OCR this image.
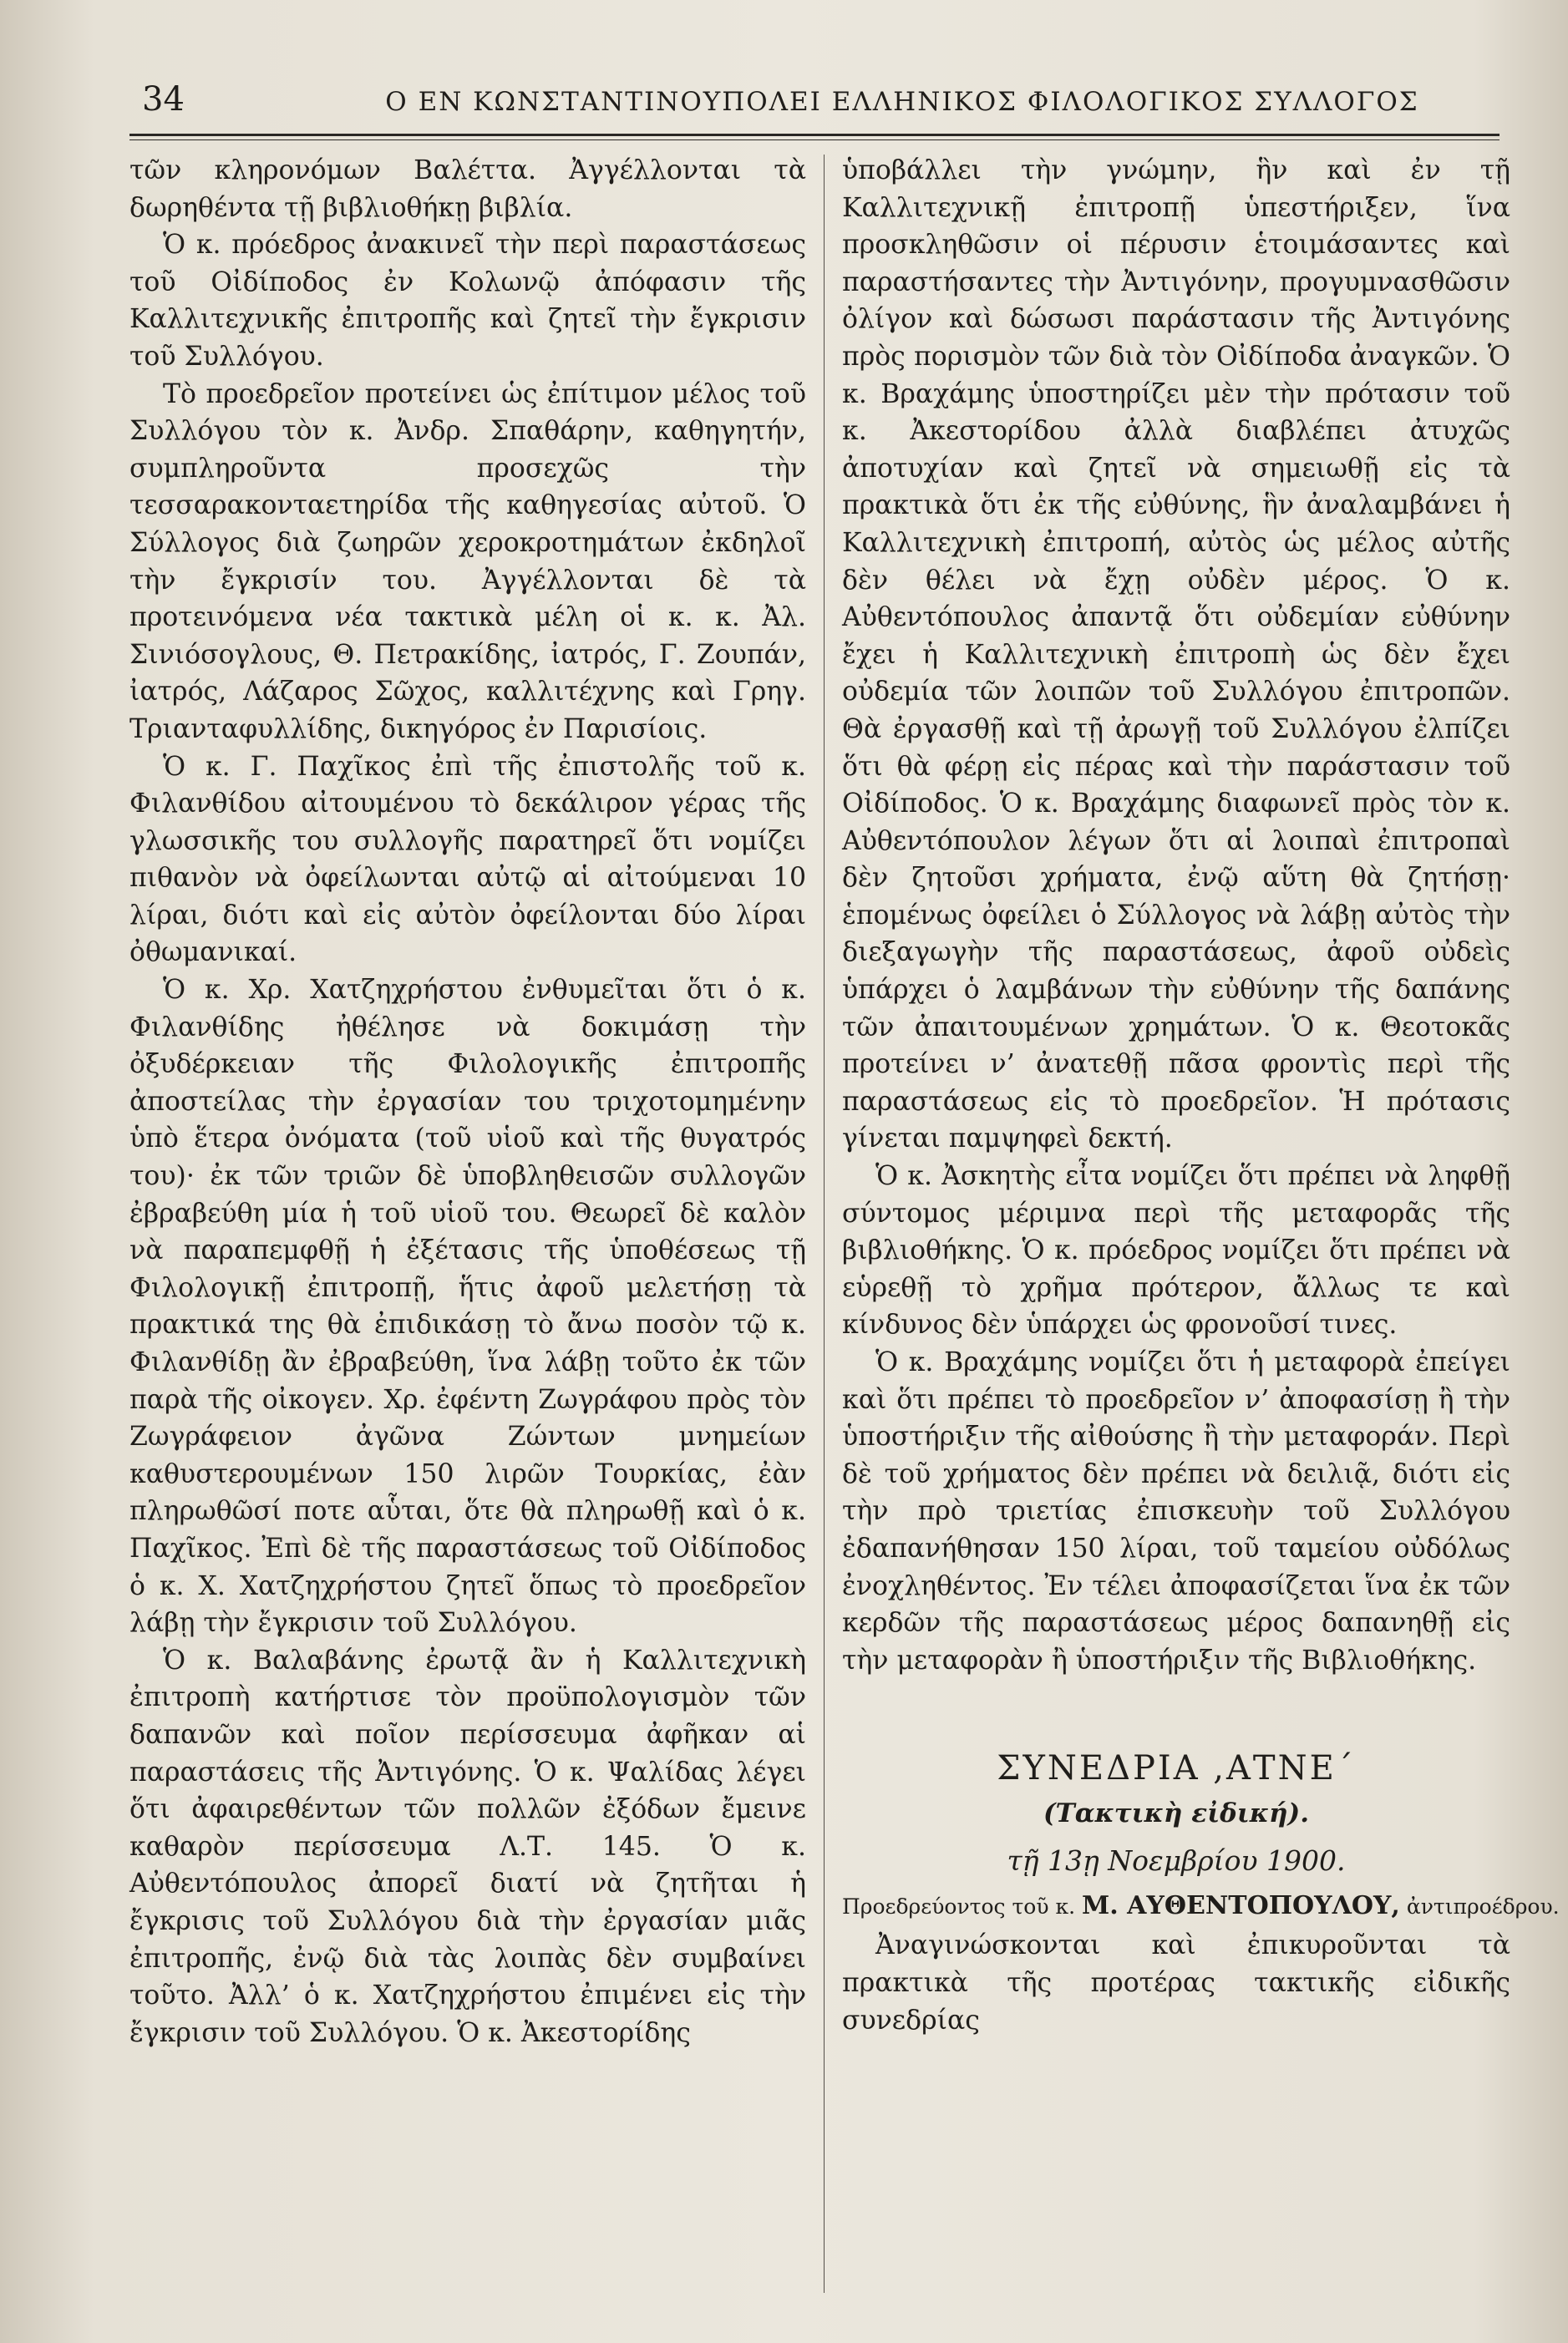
34	Ο ΕΝ ΚΩΝΣΤΑΝΤΙΝΟΥΠΟΛΕΙ ΕΛΛΗΝΙΚΟΣ ΦΙΛΟΛΟΓΙΚΟΣ ΣΥΛΛΟΓΟΣ

τῶν κληρονόμων Βαλέττα. Ἀγγέλλονται τὰ δωρηθέντα τῇ βιβλιοθήκῃ βιβλία.

Ὁ κ. πρόεδρος ἀνακινεῖ τὴν περὶ παραστάσεως τοῦ Οἰδίποδος ἐν Κολωνῷ ἀπόφασιν τῆς Καλλιτεχνικῆς ἐπιτροπῆς καὶ ζητεῖ τὴν ἔγκρισιν τοῦ Συλλόγου.

Τὸ προεδρεῖον προτείνει ὡς ἐπίτιμον μέλος τοῦ Συλλόγου τὸν κ. Ἀνδρ. Σπαθάρην, καθηγητήν, συμπληροῦντα προσεχῶς τὴν τεσσαρακονταετηρίδα τῆς καθηγεσίας αὐτοῦ. Ὁ Σύλλογος διὰ ζωηρῶν χεροκροτημάτων ἐκδηλοῖ τὴν ἔγκρισίν του. Ἀγγέλλονται δὲ τὰ προτεινόμενα νέα τακτικὰ μέλη οἱ κ. κ. Ἀλ. Σινιόσογλους, Θ. Πετρακίδης, ἰατρός, Γ. Ζουπάν, ἰατρός, Λάζαρος Σῶχος, καλλιτέχνης καὶ Γρηγ. Τριανταφυλλίδης, δικηγόρος ἐν Παρισίοις.

Ὁ κ. Γ. Παχῖκος ἐπὶ τῆς ἐπιστολῆς τοῦ κ. Φιλανθίδου αἰτουμένου τὸ δεκάλιρον γέρας τῆς γλωσσικῆς του συλλογῆς παρατηρεῖ ὅτι νομίζει πιθανὸν νὰ ὀφείλωνται αὐτῷ αἱ αἰτούμεναι 10 λίραι, διότι καὶ εἰς αὐτὸν ὀφείλονται δύο λίραι ὀθωμανικαί.

Ὁ κ. Χρ. Χατζηχρήστου ἐνθυμεῖται ὅτι ὁ κ. Φιλανθίδης ἠθέλησε νὰ δοκιμάσῃ τὴν ὀξυδέρκειαν τῆς Φιλολογικῆς ἐπιτροπῆς ἀποστείλας τὴν ἐργασίαν του τριχοτομημένην ὑπὸ ἕτερα ὀνόματα (τοῦ υἱοῦ καὶ τῆς θυγατρός του)· ἐκ τῶν τριῶν δὲ ὑποβληθεισῶν συλλογῶν ἐβραβεύθη μία ἡ τοῦ υἱοῦ του. Θεωρεῖ δὲ καλὸν νὰ παραπεμφθῇ ἡ ἐξέτασις τῆς ὑποθέσεως τῇ Φιλολογικῇ ἐπιτροπῇ, ἥτις ἀφοῦ μελετήσῃ τὰ πρακτικά της θὰ ἐπιδικάσῃ τὸ ἄνω ποσὸν τῷ κ. Φιλανθίδῃ ἂν ἐβραβεύθη, ἵνα λάβῃ τοῦτο ἐκ τῶν παρὰ τῆς οἰκογεν. Χρ. ἐφέντη Ζωγράφου πρὸς τὸν Ζωγράφειον ἀγῶνα Ζώντων μνημείων καθυστερουμένων 150 λιρῶν Τουρκίας, ἐὰν πληρωθῶσί ποτε αὗται, ὅτε θὰ πληρωθῇ καὶ ὁ κ. Παχῖκος. Ἐπὶ δὲ τῆς παραστάσεως τοῦ Οἰδίποδος ὁ κ. Χ. Χατζηχρήστου ζητεῖ ὅπως τὸ προεδρεῖον λάβῃ τὴν ἔγκρισιν τοῦ Συλλόγου.

Ὁ κ. Βαλαβάνης ἐρωτᾷ ἂν ἡ Καλλιτεχνικὴ ἐπιτροπὴ κατήρτισε τὸν προϋπολογισμὸν τῶν δαπανῶν καὶ ποῖον περίσσευμα ἀφῆκαν αἱ παραστάσεις τῆς Ἀντιγόνης. Ὁ κ. Ψαλίδας λέγει ὅτι ἀφαιρεθέντων τῶν πολλῶν ἐξόδων ἔμεινε καθαρὸν περίσσευμα Λ.Τ. 145. Ὁ κ. Αὐθεντόπουλος ἀπορεῖ διατί νὰ ζητῆται ἡ ἔγκρισις τοῦ Συλλόγου διὰ τὴν ἐργασίαν μιᾶς ἐπιτροπῆς, ἐνῷ διὰ τὰς λοιπὰς δὲν συμβαίνει τοῦτο. Ἀλλ’ ὁ κ. Χατζηχρήστου ἐπιμένει εἰς τὴν ἔγκρισιν τοῦ Συλλόγου. Ὁ κ. Ἀκεστορίδης

ὑποβάλλει τὴν γνώμην, ἣν καὶ ἐν τῇ Καλλιτεχνικῇ ἐπιτροπῇ ὑπεστήριξεν, ἵνα προσκληθῶσιν οἱ πέρυσιν ἑτοιμάσαντες καὶ παραστήσαντες τὴν Ἀντιγόνην, προγυμνασθῶσιν ὀλίγον καὶ δώσωσι παράστασιν τῆς Ἀντιγόνης πρὸς πορισμὸν τῶν διὰ τὸν Οἰδίποδα ἀναγκῶν. Ὁ κ. Βραχάμης ὑποστηρίζει μὲν τὴν πρότασιν τοῦ κ. Ἀκεστορίδου ἀλλὰ διαβλέπει ἀτυχῶς ἀποτυχίαν καὶ ζητεῖ νὰ σημειωθῇ εἰς τὰ πρακτικὰ ὅτι ἐκ τῆς εὐθύνης, ἣν ἀναλαμβάνει ἡ Καλλιτεχνικὴ ἐπιτροπή, αὐτὸς ὡς μέλος αὐτῆς δὲν θέλει νὰ ἔχῃ οὐδὲν μέρος. Ὁ κ. Αὐθεντόπουλος ἀπαντᾷ ὅτι οὐδεμίαν εὐθύνην ἔχει ἡ Καλλιτεχνικὴ ἐπιτροπὴ ὡς δὲν ἔχει οὐδεμία τῶν λοιπῶν τοῦ Συλλόγου ἐπιτροπῶν. Θὰ ἐργασθῇ καὶ τῇ ἀρωγῇ τοῦ Συλλόγου ἐλπίζει ὅτι θὰ φέρῃ εἰς πέρας καὶ τὴν παράστασιν τοῦ Οἰδίποδος. Ὁ κ. Βραχάμης διαφωνεῖ πρὸς τὸν κ. Αὐθεντόπουλον λέγων ὅτι αἱ λοιπαὶ ἐπιτροπαὶ δὲν ζητοῦσι χρήματα, ἐνῷ αὕτη θὰ ζητήσῃ· ἑπομένως ὀφείλει ὁ Σύλλογος νὰ λάβῃ αὐτὸς τὴν διεξαγωγὴν τῆς παραστάσεως, ἀφοῦ οὐδεὶς ὑπάρχει ὁ λαμβάνων τὴν εὐθύνην τῆς δαπάνης τῶν ἀπαιτουμένων χρημάτων. Ὁ κ. Θεοτοκᾶς προτείνει ν’ ἀνατεθῇ πᾶσα φροντὶς περὶ τῆς παραστάσεως εἰς τὸ προεδρεῖον. Ἡ πρότασις γίνεται παμψηφεὶ δεκτή.

Ὁ κ. Ἀσκητὴς εἶτα νομίζει ὅτι πρέπει νὰ ληφθῇ σύντομος μέριμνα περὶ τῆς μεταφορᾶς τῆς βιβλιοθήκης. Ὁ κ. πρόεδρος νομίζει ὅτι πρέπει νὰ εὑρεθῇ τὸ χρῆμα πρότερον, ἄλλως τε καὶ κίνδυνος δὲν ὑπάρχει ὡς φρονοῦσί τινες.

Ὁ κ. Βραχάμης νομίζει ὅτι ἡ μεταφορὰ ἐπείγει καὶ ὅτι πρέπει τὸ προεδρεῖον ν’ ἀποφασίσῃ ἢ τὴν ὑποστήριξιν τῆς αἰθούσης ἢ τὴν μεταφοράν. Περὶ δὲ τοῦ χρήματος δὲν πρέπει νὰ δειλιᾷ, διότι εἰς τὴν πρὸ τριετίας ἐπισκευὴν τοῦ Συλλόγου ἐδαπανήθησαν 150 λίραι, τοῦ ταμείου οὐδόλως ἐνοχληθέντος. Ἐν τέλει ἀποφασίζεται ἵνα ἐκ τῶν κερδῶν τῆς παραστάσεως μέρος δαπανηθῇ εἰς τὴν μεταφορὰν ἢ ὑποστήριξιν τῆς Βιβλιοθήκης.

ΣΥΝΕΔΡΙΑ ,ΑΤΝΕ΄

(Τακτικὴ εἰδική).

τῇ 13ῃ Νοεμβρίου 1900.

Προεδρεύοντος τοῦ κ. Μ. ΑΥΘΕΝΤΟΠΟΥΛΟΥ, ἀντιπροέδρου.

Ἀναγινώσκονται καὶ ἐπικυροῦνται τὰ πρακτικὰ τῆς προτέρας τακτικῆς εἰδικῆς συνεδρίας
